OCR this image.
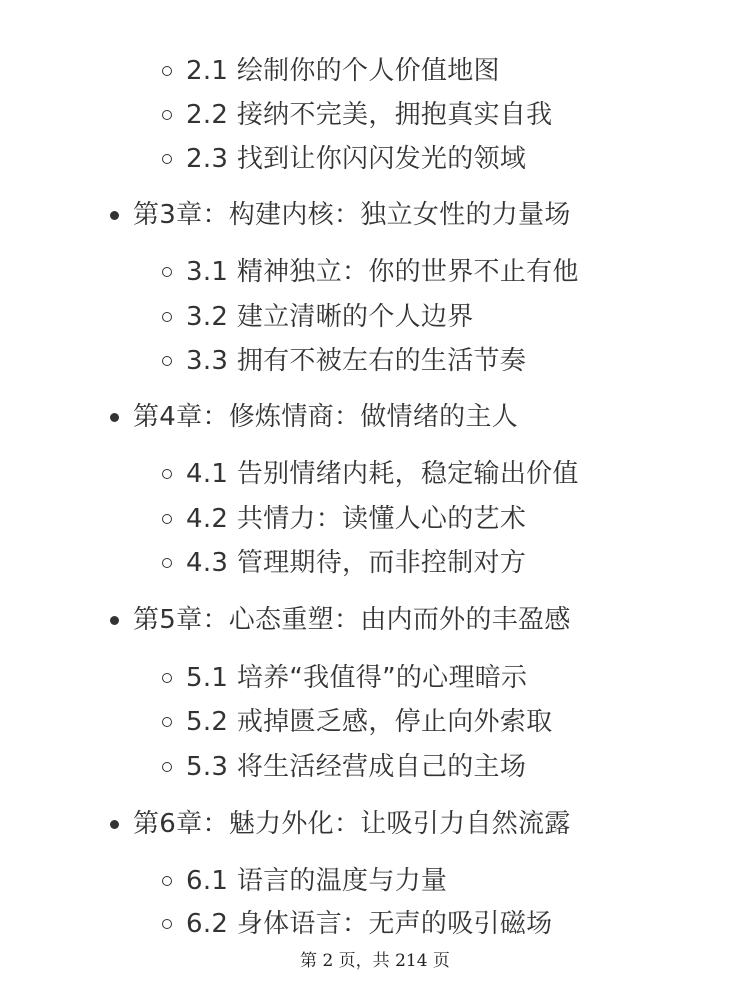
2.1 绘制你的个人价值地图
2.2 接纳不完美，拥抱真实自我
2.3 找到让你闪闪发光的领域
第3章：构建内核：独立女性的力量场
3.1 精神独立：你的世界不止有他
3.2 建立清晰的个人边界
3.3 拥有不被左右的生活节奏
第4章：修炼情商：做情绪的主人
4.1 告别情绪内耗，稳定输出价值
4.2 共情力：读懂人心的艺术
4.3 管理期待，而非控制对方
第5章：心态重塑：由内而外的丰盈感
5.1 培养“我值得”的心理暗示
5.2 戒掉匮乏感，停止向外索取
5.3 将生活经营成自己的主场
第6章：魅力外化：让吸引力自然流露
6.1 语言的温度与力量
6.2 身体语言：无声的吸引磁场
第 2 页，共 214 页
